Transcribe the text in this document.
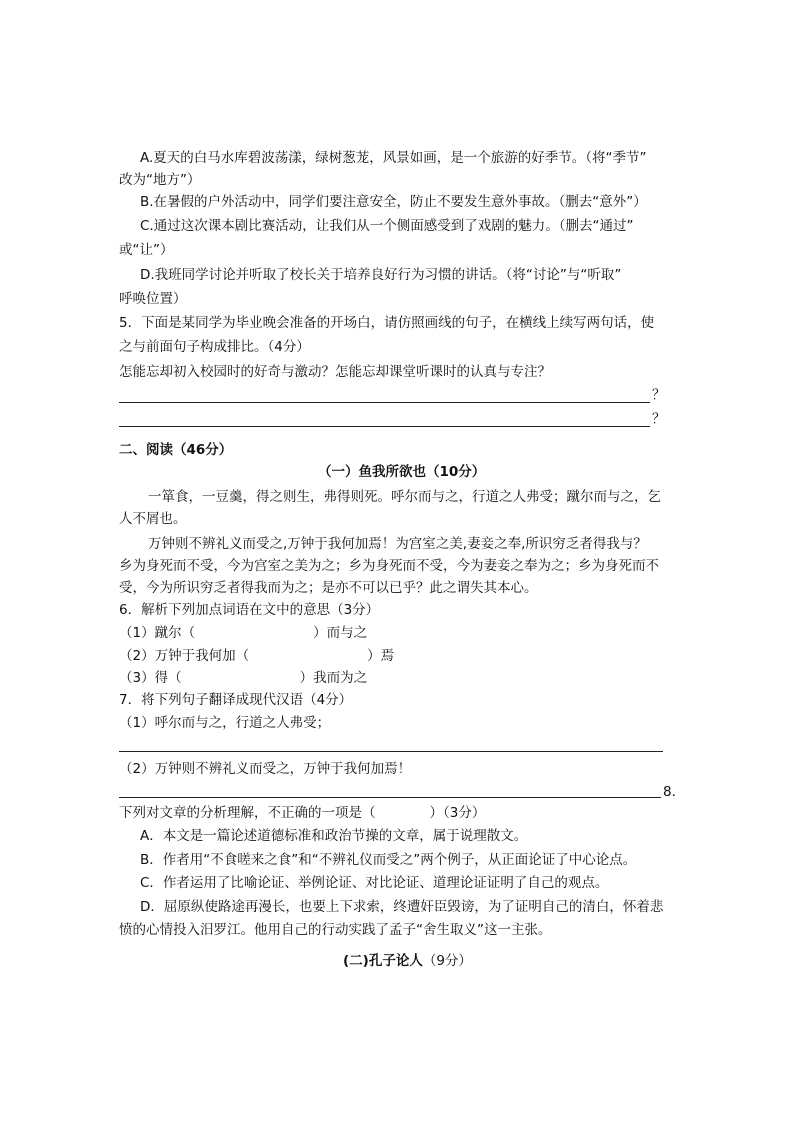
A.夏天的白马水库碧波荡漾，绿树葱茏，风景如画，是一个旅游的好季节。（将“季节”
改为“地方”）
B.在暑假的户外活动中，同学们要注意安全，防止不要发生意外事故。（删去“意外”）
C.通过这次课本剧比赛活动，让我们从一个侧面感受到了戏剧的魅力。（删去“通过”
或“让”）
D.我班同学讨论并听取了校长关于培养良好行为习惯的讲话。（将“讨论”与“听取”
呼唤位置）
5．下面是某同学为毕业晚会准备的开场白，请仿照画线的句子，在横线上续写两句话，使
之与前面句子构成排比。（4分）
怎能忘却初入校园时的好奇与激动？怎能忘却课堂听课时的认真与专注？
？
？
二、阅读（46分）
（一）鱼我所欲也（10分）
一箪食，一豆羹，得之则生，弗得则死。呼尔而与之，行道之人弗受；蹴尔而与之，乞
人不屑也。
万钟则不辨礼义而受之,万钟于我何加焉！为宫室之美,妻妾之奉,所识穷乏者得我与？
乡为身死而不受，今为宫室之美为之；乡为身死而不受，今为妻妾之奉为之；乡为身死而不
受，今为所识穷乏者得我而为之；是亦不可以已乎？此之谓失其本心。
6．解析下列加点词语在文中的意思（3分）
（1）蹴尔（	）而与之
（2）万钟于我何加（	）焉
（3）得（	）我而为之
7．将下列句子翻译成现代汉语（4分）
（1）呼尔而与之，行道之人弗受；
（2）万钟则不辨礼义而受之，万钟于我何加焉！
8．
下列对文章的分析理解，不正确的一项是（	）（3分）
A．本文是一篇论述道德标准和政治节操的文章，属于说理散文。
B．作者用“不食嗟来之食”和“不辨礼仪而受之”两个例子，从正面论证了中心论点。
C．作者运用了比喻论证、举例论证、对比论证、道理论证证明了自己的观点。
D．屈原纵使路途再漫长，也要上下求索，终遭奸臣毁谤，为了证明自己的清白，怀着悲
愤的心情投入汨罗江。他用自己的行动实践了孟子“舍生取义”这一主张。
(二)孔子论人（9分）
